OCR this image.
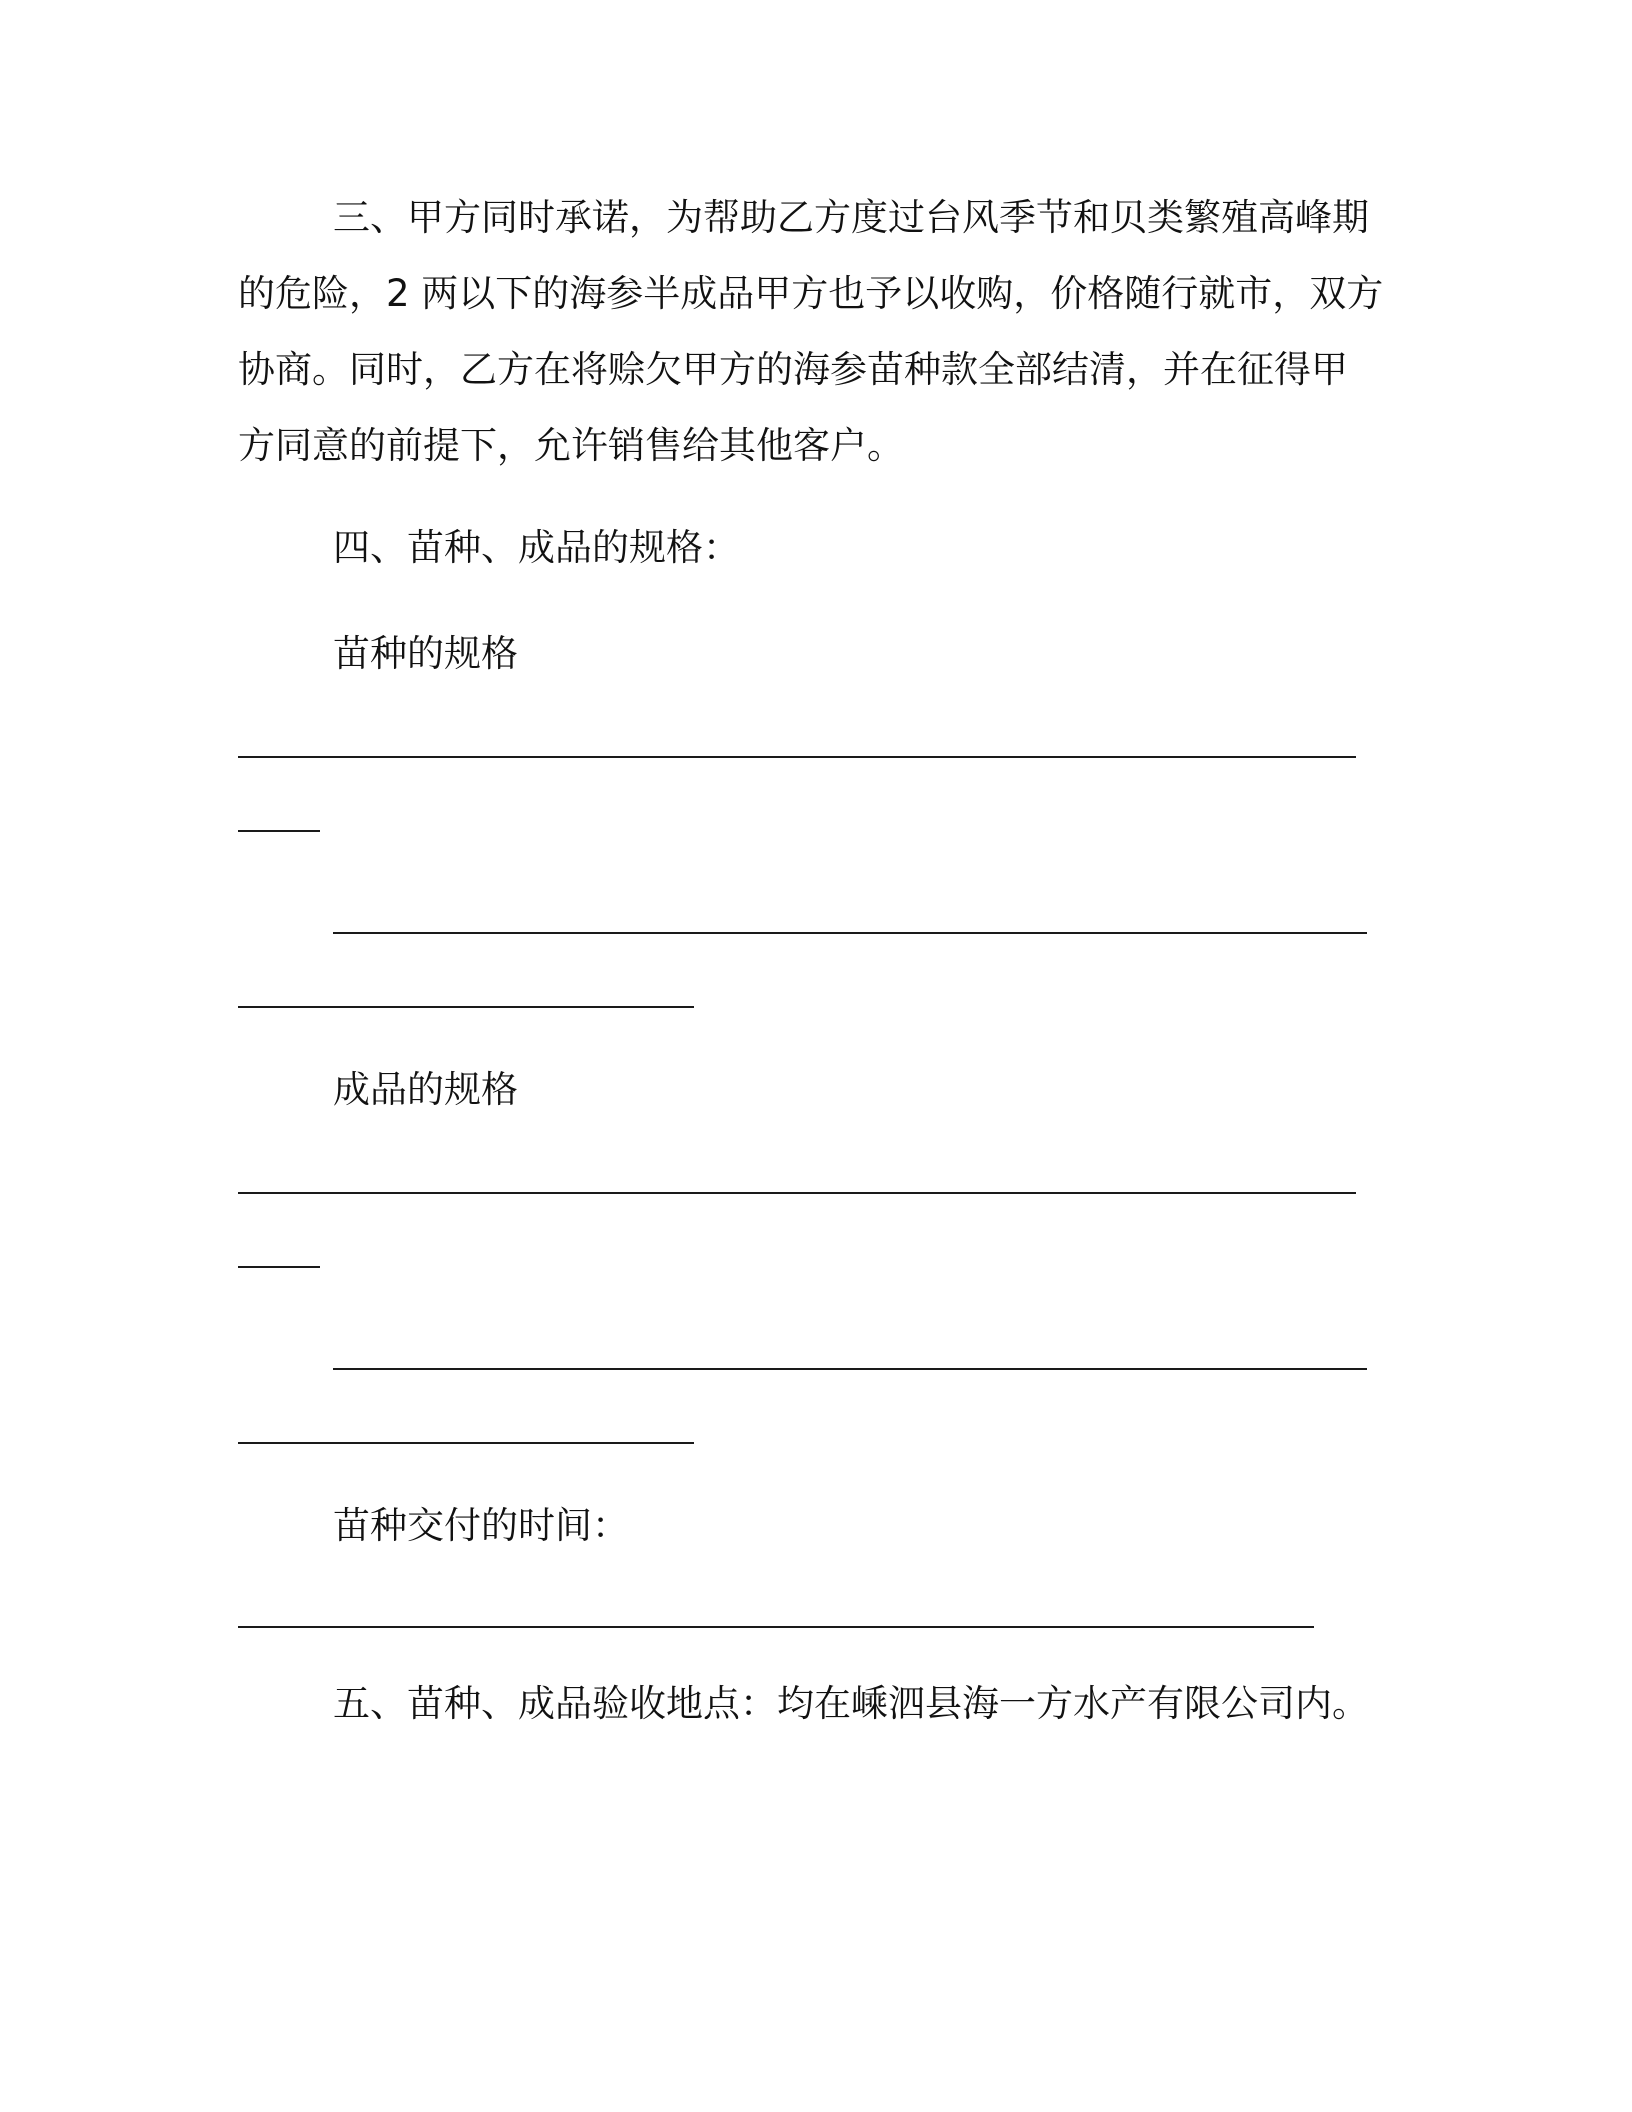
三、甲方同时承诺，为帮助乙方度过台风季节和贝类繁殖高峰期
的危险，2 两以下的海参半成品甲方也予以收购，价格随行就市，双方
协商。同时，乙方在将赊欠甲方的海参苗种款全部结清，并在征得甲
方同意的前提下，允许销售给其他客户。
四、苗种、成品的规格：
苗种的规格
成品的规格
苗种交付的时间：
五、苗种、成品验收地点：均在嵊泗县海一方水产有限公司内。
